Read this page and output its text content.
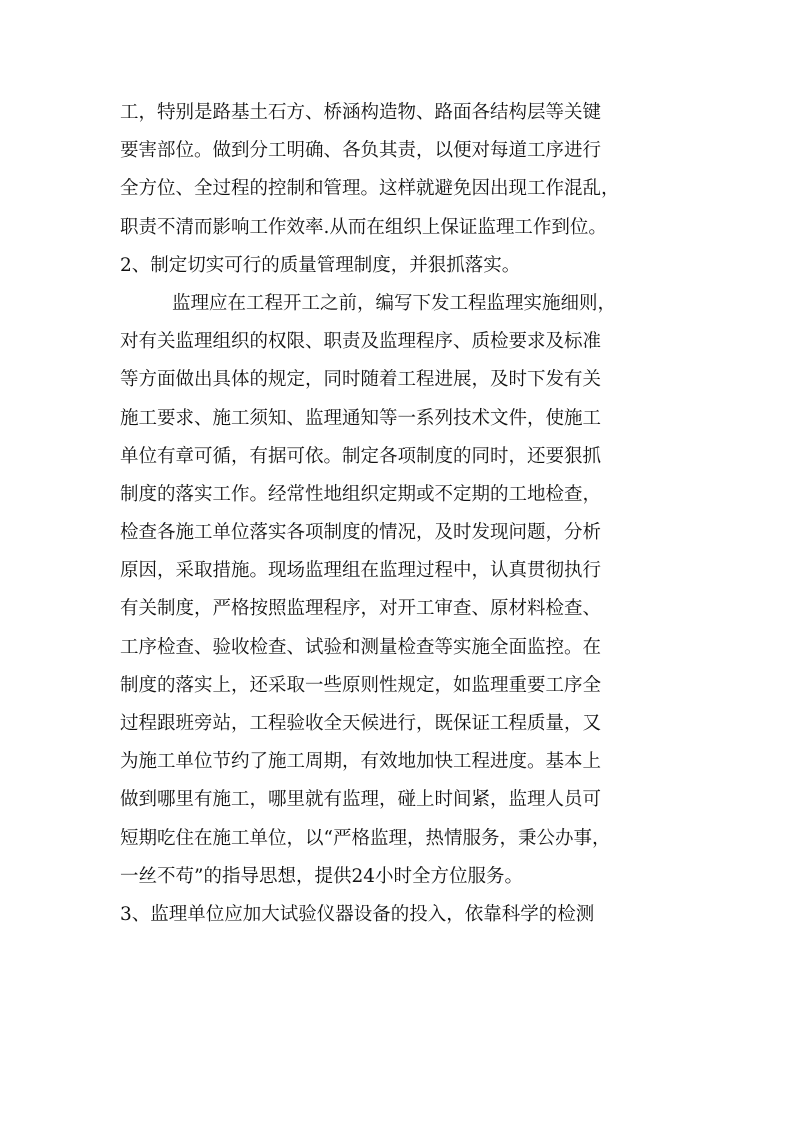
工，特别是路基土石方、桥涵构造物、路面各结构层等关键
要害部位。做到分工明确、各负其责，以便对每道工序进行
全方位、全过程的控制和管理。这样就避免因出现工作混乱，
职责不清而影响工作效率.从而在组织上保证监理工作到位。
2、制定切实可行的质量管理制度，并狠抓落实。
监理应在工程开工之前，编写下发工程监理实施细则，
对有关监理组织的权限、职责及监理程序、质检要求及标准
等方面做出具体的规定，同时随着工程进展，及时下发有关
施工要求、施工须知、监理通知等一系列技术文件，使施工
单位有章可循，有据可依。制定各项制度的同时，还要狠抓
制度的落实工作。经常性地组织定期或不定期的工地检查，
检查各施工单位落实各项制度的情况，及时发现问题，分析
原因，采取措施。现场监理组在监理过程中，认真贯彻执行
有关制度，严格按照监理程序，对开工审查、原材料检查、
工序检查、验收检查、试验和测量检查等实施全面监控。在
制度的落实上，还采取一些原则性规定，如监理重要工序全
过程跟班旁站，工程验收全天候进行，既保证工程质量，又
为施工单位节约了施工周期，有效地加快工程进度。基本上
做到哪里有施工，哪里就有监理，碰上时间紧，监理人员可
短期吃住在施工单位，以“严格监理，热情服务，秉公办事，
一丝不苟”的指导思想，提供24小时全方位服务。
3、监理单位应加大试验仪器设备的投入，依靠科学的检测
